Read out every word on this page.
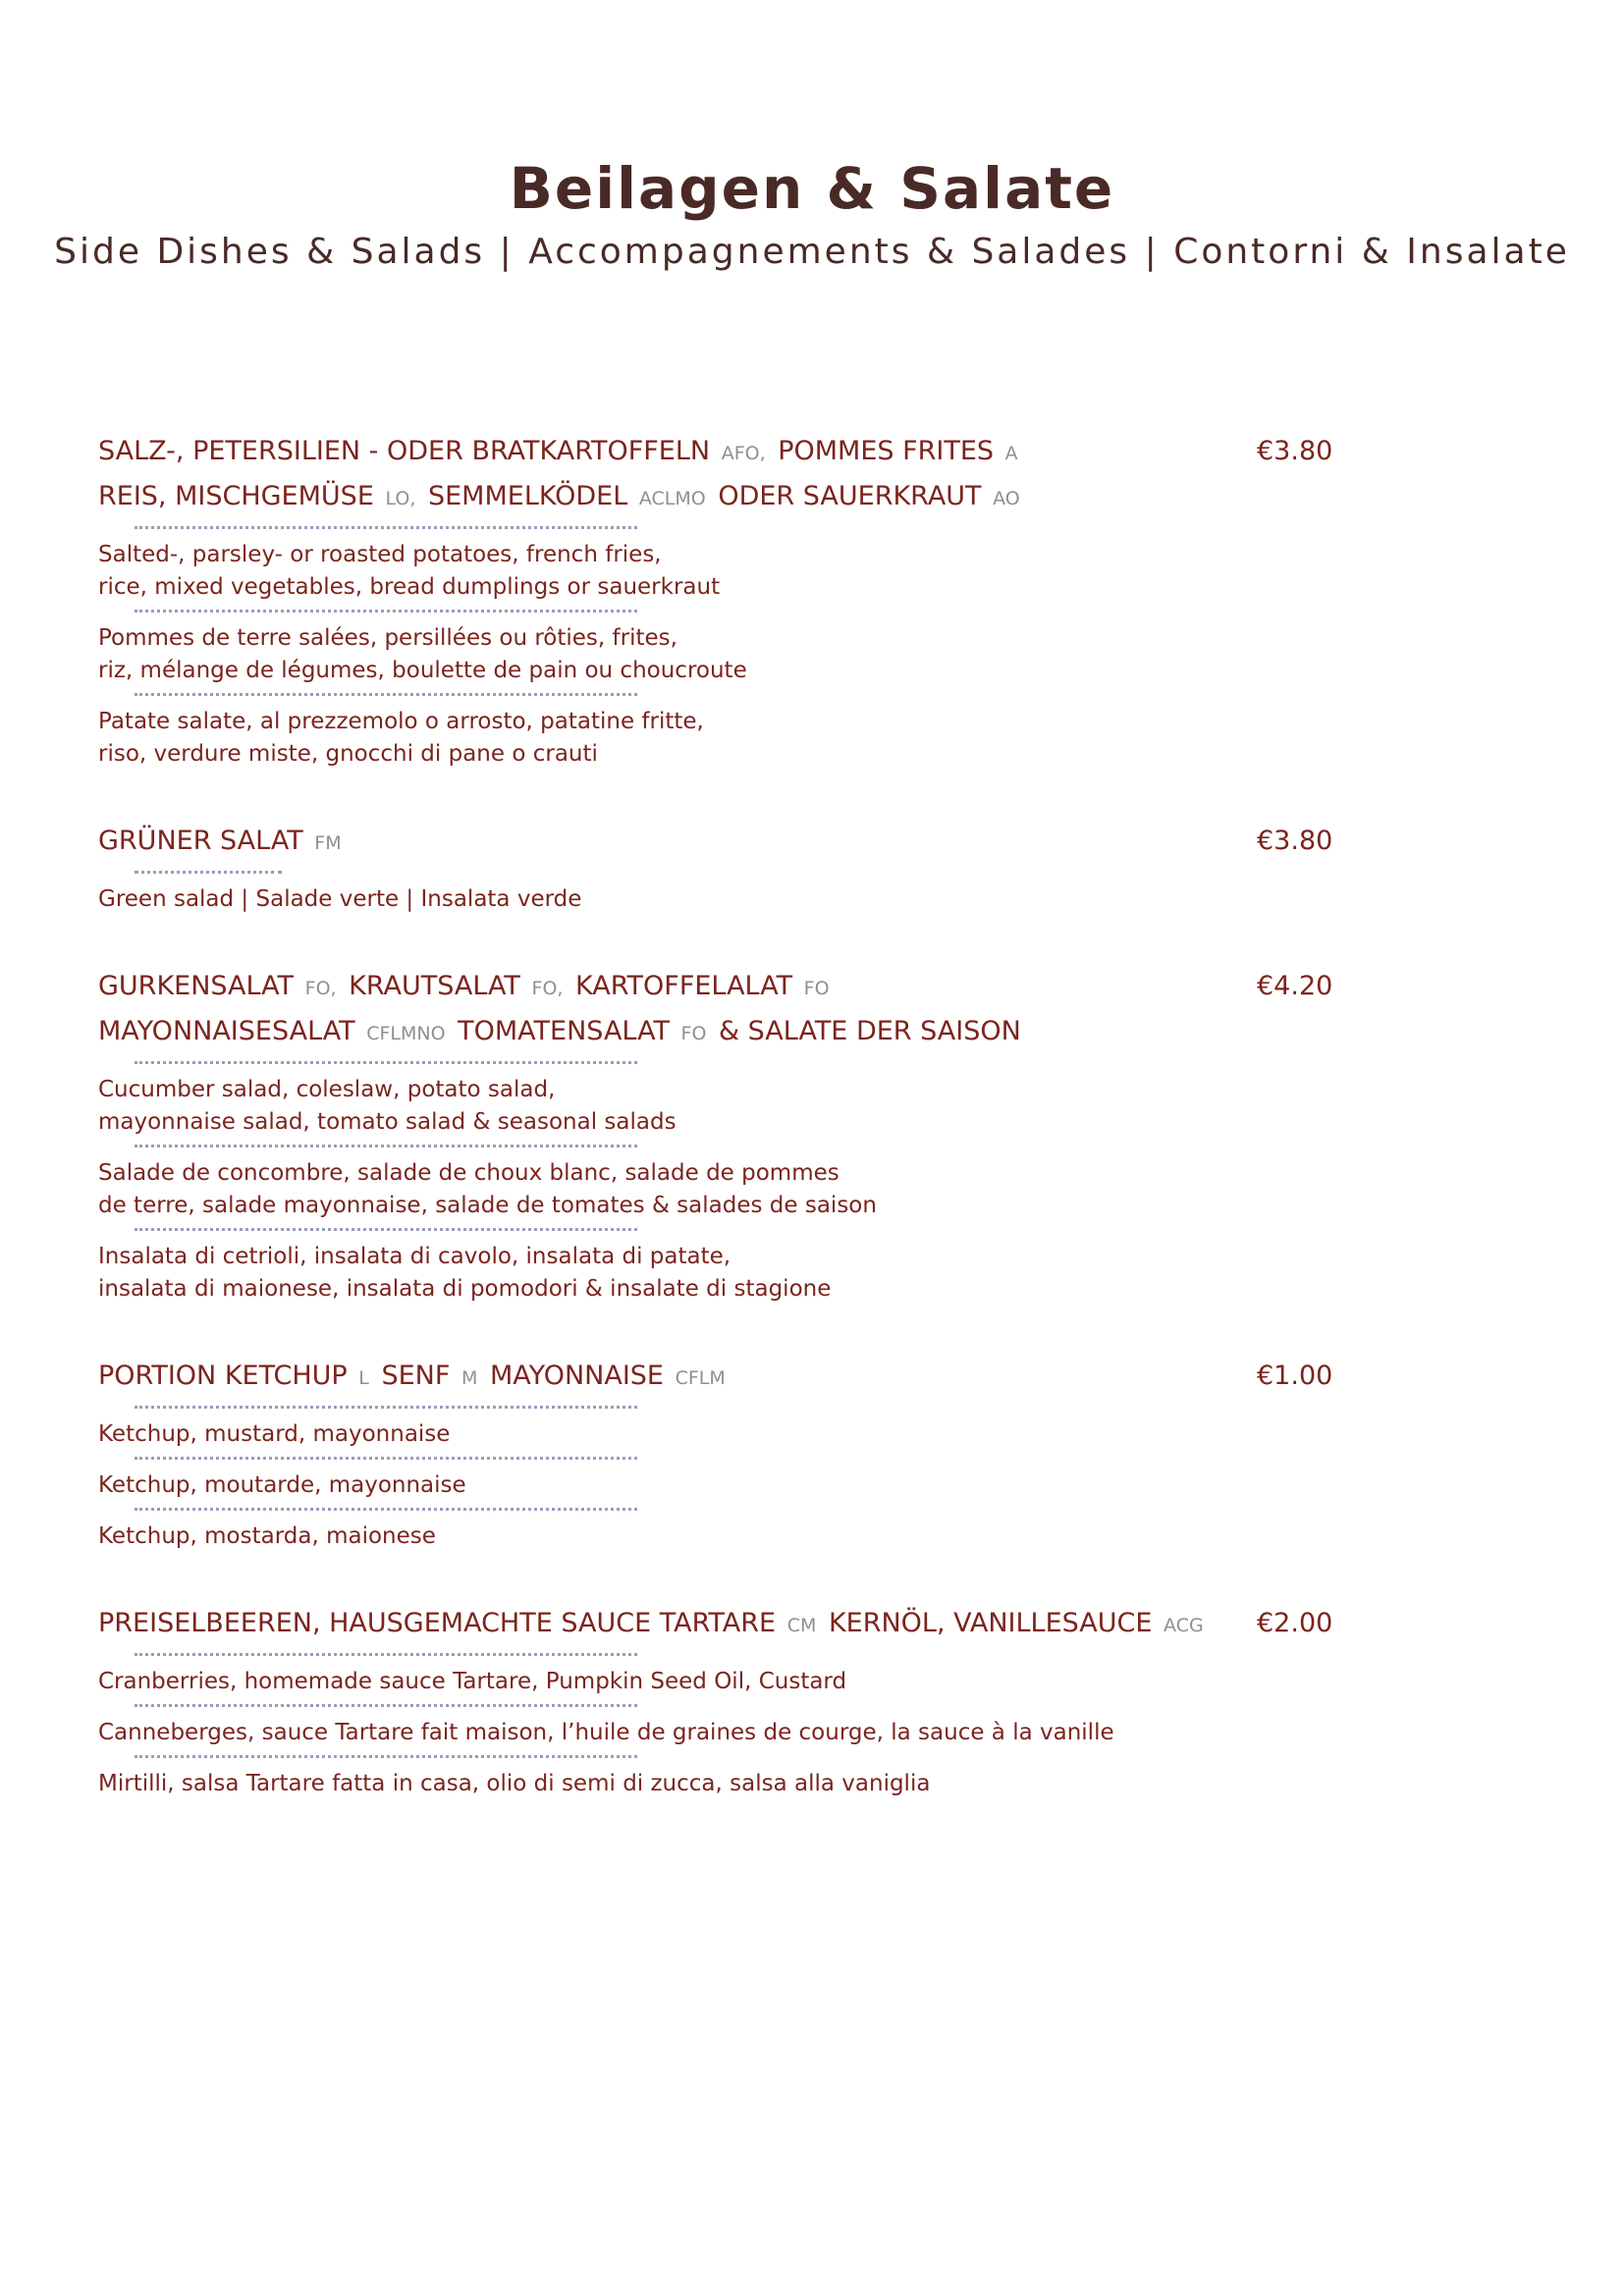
Beilagen & Salate
Side Dishes & Salads | Accompagnements & Salades | Contorni & Insalate
SALZ-, PETERSILIEN - ODER BRATKARTOFFELN AFO, POMMES FRITES A
REIS, MISCHGEMÜSE LO, SEMMELKÖDEL ACLMO ODER SAUERKRAUT AO
€3.80
Salted-, parsley- or roasted potatoes, french fries,
rice, mixed vegetables, bread dumplings or sauerkraut
Pommes de terre salées, persillées ou rôties, frites,
riz, mélange de légumes, boulette de pain ou choucroute
Patate salate, al prezzemolo o arrosto, patatine fritte,
riso, verdure miste, gnocchi di pane o crauti
GRÜNER SALAT FM	€3.80
Green salad | Salade verte | Insalata verde
GURKENSALAT FO, KRAUTSALAT FO, KARTOFFELALAT FO
MAYONNAISESALAT CFLMNO TOMATENSALAT FO & SALATE DER SAISON
€4.20
Cucumber salad, coleslaw, potato salad,
mayonnaise salad, tomato salad & seasonal salads
Salade de concombre, salade de choux blanc, salade de pommes
de terre, salade mayonnaise, salade de tomates & salades de saison
Insalata di cetrioli, insalata di cavolo, insalata di patate,
insalata di maionese, insalata di pomodori & insalate di stagione
PORTION KETCHUP L SENF M MAYONNAISE CFLM	€1.00
Ketchup, mustard, mayonnaise
Ketchup, moutarde, mayonnaise
Ketchup, mostarda, maionese
PREISELBEEREN, HAUSGEMACHTE SAUCE TARTARE CM KERNÖL, VANILLESAUCE ACG €2.00
Cranberries, homemade sauce Tartare, Pumpkin Seed Oil, Custard
Canneberges, sauce Tartare fait maison, l’huile de graines de courge, la sauce à la vanille
Mirtilli, salsa Tartare fatta in casa, olio di semi di zucca, salsa alla vaniglia
